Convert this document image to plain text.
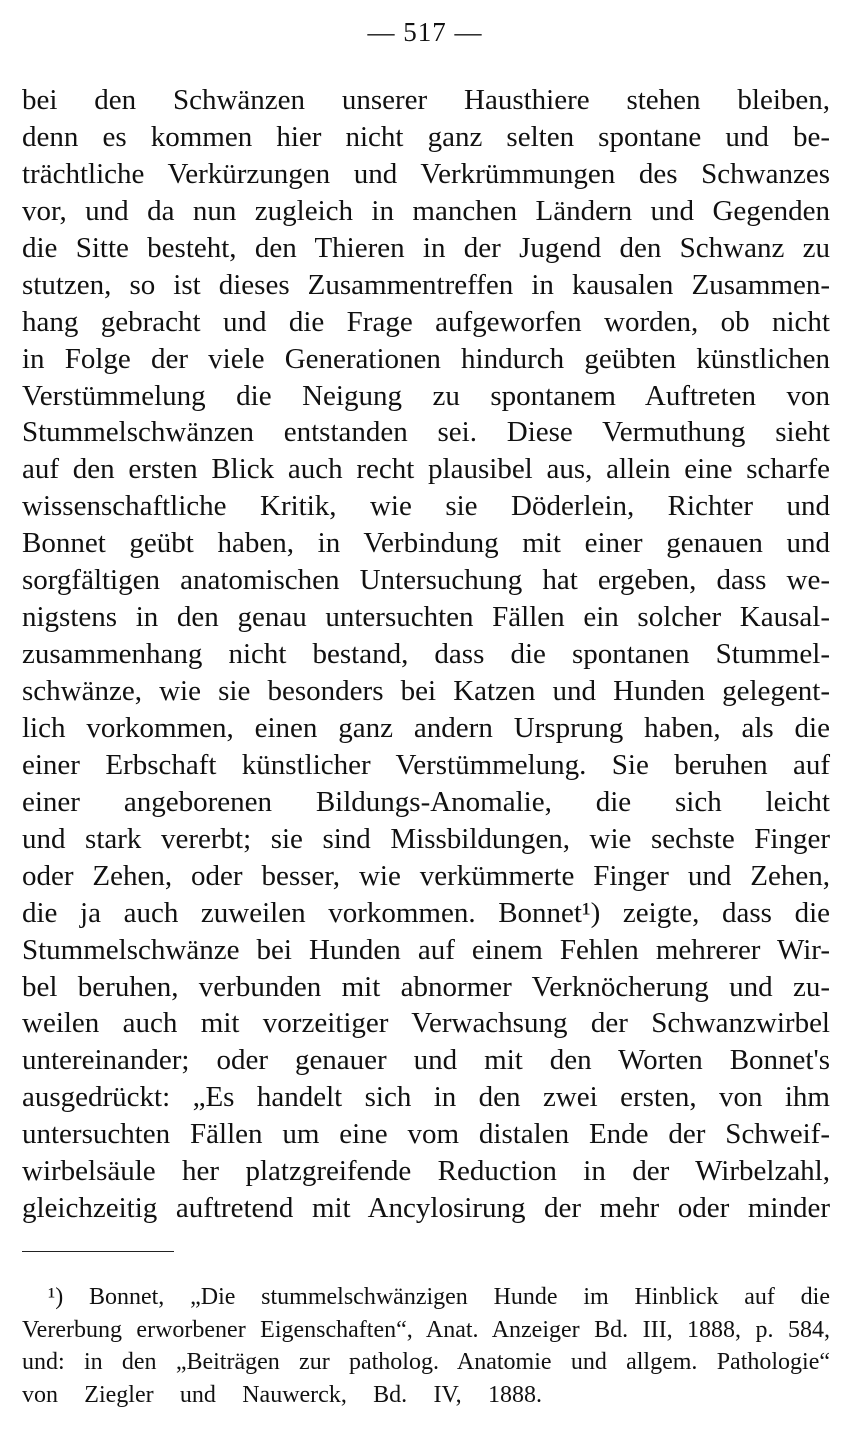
— 517 —
bei den Schwänzen unserer Hausthiere stehen bleiben,
denn es kommen hier nicht ganz selten spontane und be-
trächtliche Verkürzungen und Verkrümmungen des Schwanzes
vor, und da nun zugleich in manchen Ländern und Gegenden
die Sitte besteht, den Thieren in der Jugend den Schwanz zu
stutzen, so ist dieses Zusammentreffen in kausalen Zusammen-
hang gebracht und die Frage aufgeworfen worden, ob nicht
in Folge der viele Generationen hindurch geübten künstlichen
Verstümmelung die Neigung zu spontanem Auftreten von
Stummelschwänzen entstanden sei. Diese Vermuthung sieht
auf den ersten Blick auch recht plausibel aus, allein eine scharfe
wissenschaftliche Kritik, wie sie Döderlein, Richter und
Bonnet geübt haben, in Verbindung mit einer genauen und
sorgfältigen anatomischen Untersuchung hat ergeben, dass we-
nigstens in den genau untersuchten Fällen ein solcher Kausal-
zusammenhang nicht bestand, dass die spontanen Stummel-
schwänze, wie sie besonders bei Katzen und Hunden gelegent-
lich vorkommen, einen ganz andern Ursprung haben, als die
einer Erbschaft künstlicher Verstümmelung. Sie beruhen auf
einer angeborenen Bildungs-Anomalie, die sich leicht
und stark vererbt; sie sind Missbildungen, wie sechste Finger
oder Zehen, oder besser, wie verkümmerte Finger und Zehen,
die ja auch zuweilen vorkommen. Bonnet¹) zeigte, dass die
Stummelschwänze bei Hunden auf einem Fehlen mehrerer Wir-
bel beruhen, verbunden mit abnormer Verknöcherung und zu-
weilen auch mit vorzeitiger Verwachsung der Schwanzwirbel
untereinander; oder genauer und mit den Worten Bonnet's
ausgedrückt: „Es handelt sich in den zwei ersten, von ihm
untersuchten Fällen um eine vom distalen Ende der Schweif-
wirbelsäule her platzgreifende Reduction in der Wirbelzahl,
gleichzeitig auftretend mit Ancylosirung der mehr oder minder
¹) Bonnet, „Die stummelschwänzigen Hunde im Hinblick auf die
Vererbung erworbener Eigenschaften“, Anat. Anzeiger Bd. III, 1888, p. 584,
und: in den „Beiträgen zur patholog. Anatomie und allgem. Pathologie“
von Ziegler und Nauwerck, Bd. IV, 1888.
